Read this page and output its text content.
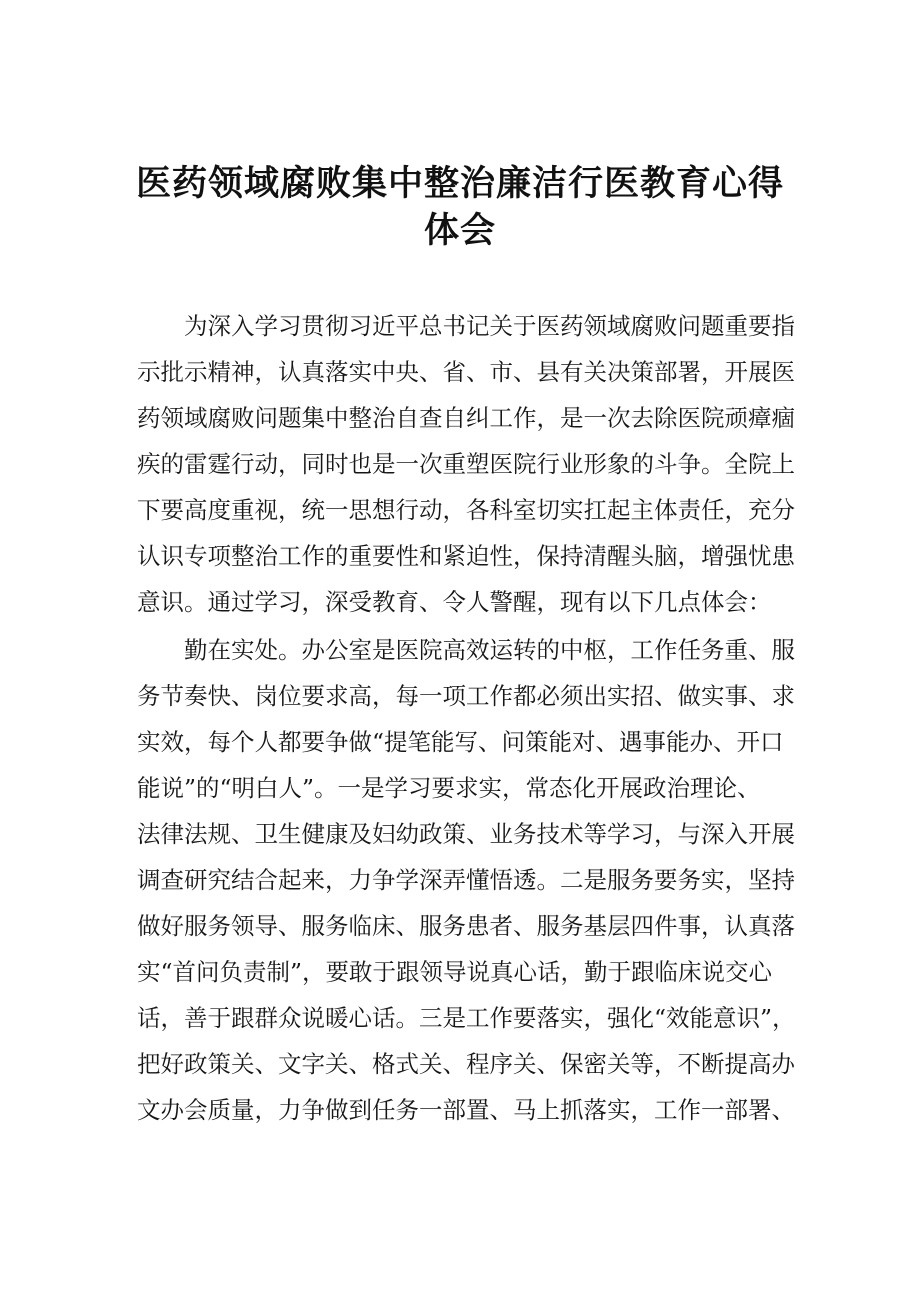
医药领域腐败集中整治廉洁行医教育心得
体会
为深入学习贯彻习近平总书记关于医药领域腐败问题重要指
示批示精神，认真落实中央、省、市、县有关决策部署，开展医
药领域腐败问题集中整治自查自纠工作，是一次去除医院顽瘴痼
疾的雷霆行动，同时也是一次重塑医院行业形象的斗争。全院上
下要高度重视，统一思想行动，各科室切实扛起主体责任，充分
认识专项整治工作的重要性和紧迫性，保持清醒头脑，增强忧患
意识。通过学习，深受教育、令人警醒，现有以下几点体会：
勤在实处。办公室是医院高效运转的中枢，工作任务重、服
务节奏快、岗位要求高，每一项工作都必须出实招、做实事、求
实效，每个人都要争做“提笔能写、问策能对、遇事能办、开口
能说”的“明白人”。一是学习要求实，常态化开展政治理论、
法律法规、卫生健康及妇幼政策、业务技术等学习，与深入开展
调查研究结合起来，力争学深弄懂悟透。二是服务要务实，坚持
做好服务领导、服务临床、服务患者、服务基层四件事，认真落
实“首问负责制”，要敢于跟领导说真心话，勤于跟临床说交心
话，善于跟群众说暖心话。三是工作要落实，强化“效能意识”，
把好政策关、文字关、格式关、程序关、保密关等，不断提高办
文办会质量，力争做到任务一部置、马上抓落实，工作一部署、
